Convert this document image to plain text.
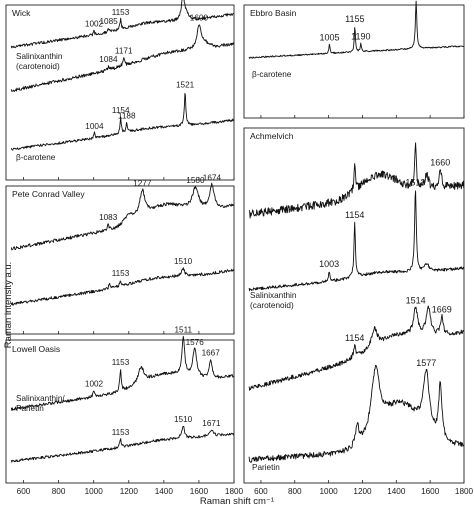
Wick
1002
1085
1153
Salinixanthin
(carotenoid)
1084
1171
1600
1004
1154
1188
1521
β-carotene
Pete Conrad Valley
1083
1277	1580
1674
1153
1510
Lowell Oasis
1002
1153
1511
1576
1667
Salinixanthin/
Parietin
1153
1510 1671
Ebbro Basin
1005
1155
1190
β-carotene
Achmelvich
1660
1003
1154
1513
Salinixanthin
(carotenoid)
1154
1514
1669
1577
Parietin
600	800 1000 1200 1400 1600 1800 600 800 1000 1200 1400 1600 1800
Raman intensity a.u.
Raman shift cm⁻¹
